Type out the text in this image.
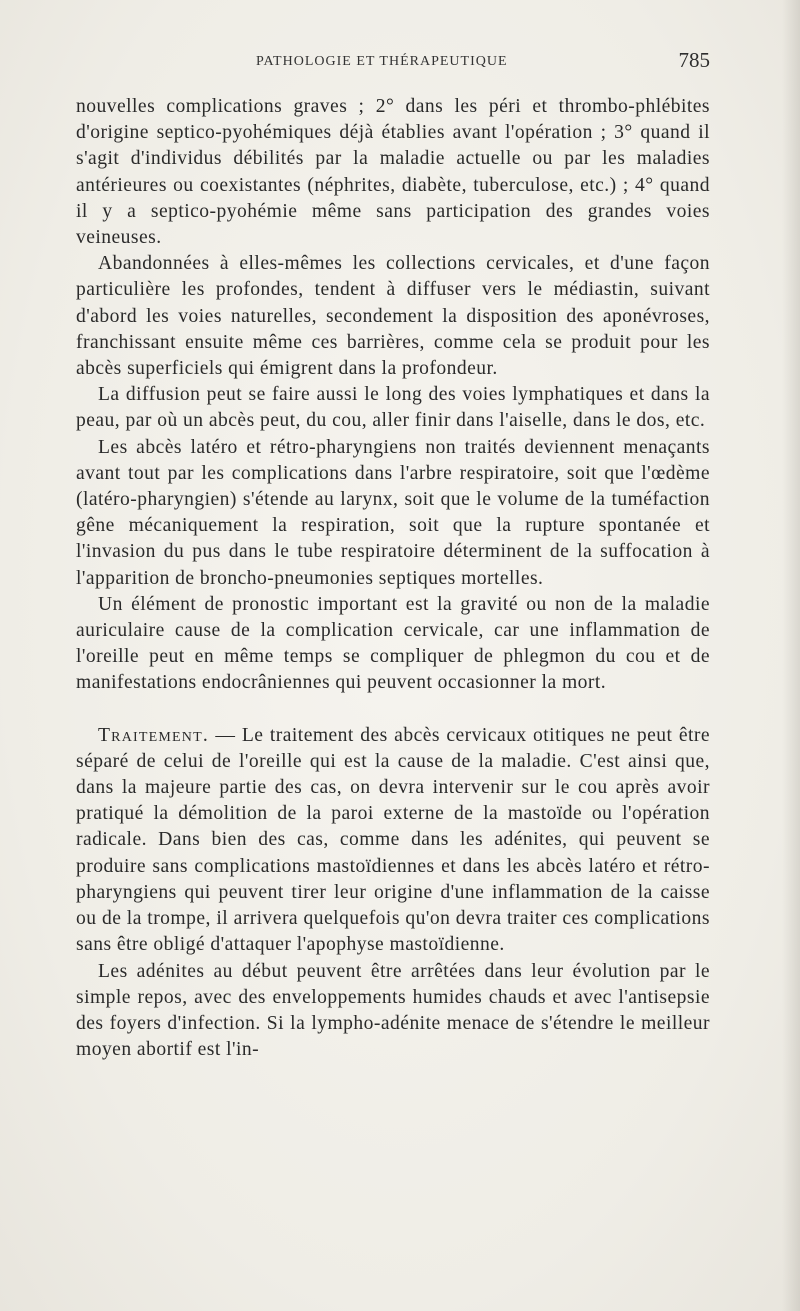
PATHOLOGIE ET THÉRAPEUTIQUE	785

nouvelles complications graves ; 2° dans les péri et thrombo-phlébites d'origine septico-pyohémiques déjà établies avant l'opération ; 3° quand il s'agit d'individus débilités par la maladie actuelle ou par les maladies antérieures ou coexistantes (néphrites, diabète, tuberculose, etc.) ; 4° quand il y a septico-pyohémie même sans participation des grandes voies veineuses.

Abandonnées à elles-mêmes les collections cervicales, et d'une façon particulière les profondes, tendent à diffuser vers le médiastin, suivant d'abord les voies naturelles, secondement la disposition des aponévroses, franchissant ensuite même ces barrières, comme cela se produit pour les abcès superficiels qui émigrent dans la profondeur.

La diffusion peut se faire aussi le long des voies lymphatiques et dans la peau, par où un abcès peut, du cou, aller finir dans l'aiselle, dans le dos, etc.

Les abcès latéro et rétro-pharyngiens non traités deviennent menaçants avant tout par les complications dans l'arbre respiratoire, soit que l'œdème (latéro-pharyngien) s'étende au larynx, soit que le volume de la tuméfaction gêne mécaniquement la respiration, soit que la rupture spontanée et l'invasion du pus dans le tube respiratoire déterminent de la suffocation à l'apparition de broncho-pneumonies septiques mortelles.

Un élément de pronostic important est la gravité ou non de la maladie auriculaire cause de la complication cervicale, car une inflammation de l'oreille peut en même temps se compliquer de phlegmon du cou et de manifestations endocrâniennes qui peuvent occasionner la mort.

Traitement. — Le traitement des abcès cervicaux otitiques ne peut être séparé de celui de l'oreille qui est la cause de la maladie. C'est ainsi que, dans la majeure partie des cas, on devra intervenir sur le cou après avoir pratiqué la démolition de la paroi externe de la mastoïde ou l'opération radicale. Dans bien des cas, comme dans les adénites, qui peuvent se produire sans complications mastoïdiennes et dans les abcès latéro et rétro-pharyngiens qui peuvent tirer leur origine d'une inflammation de la caisse ou de la trompe, il arrivera quelquefois qu'on devra traiter ces complications sans être obligé d'attaquer l'apophyse mastoïdienne.

Les adénites au début peuvent être arrêtées dans leur évolution par le simple repos, avec des enveloppements humides chauds et avec l'antisepsie des foyers d'infection. Si la lympho-adénite menace de s'étendre le meilleur moyen abortif est l'in-
